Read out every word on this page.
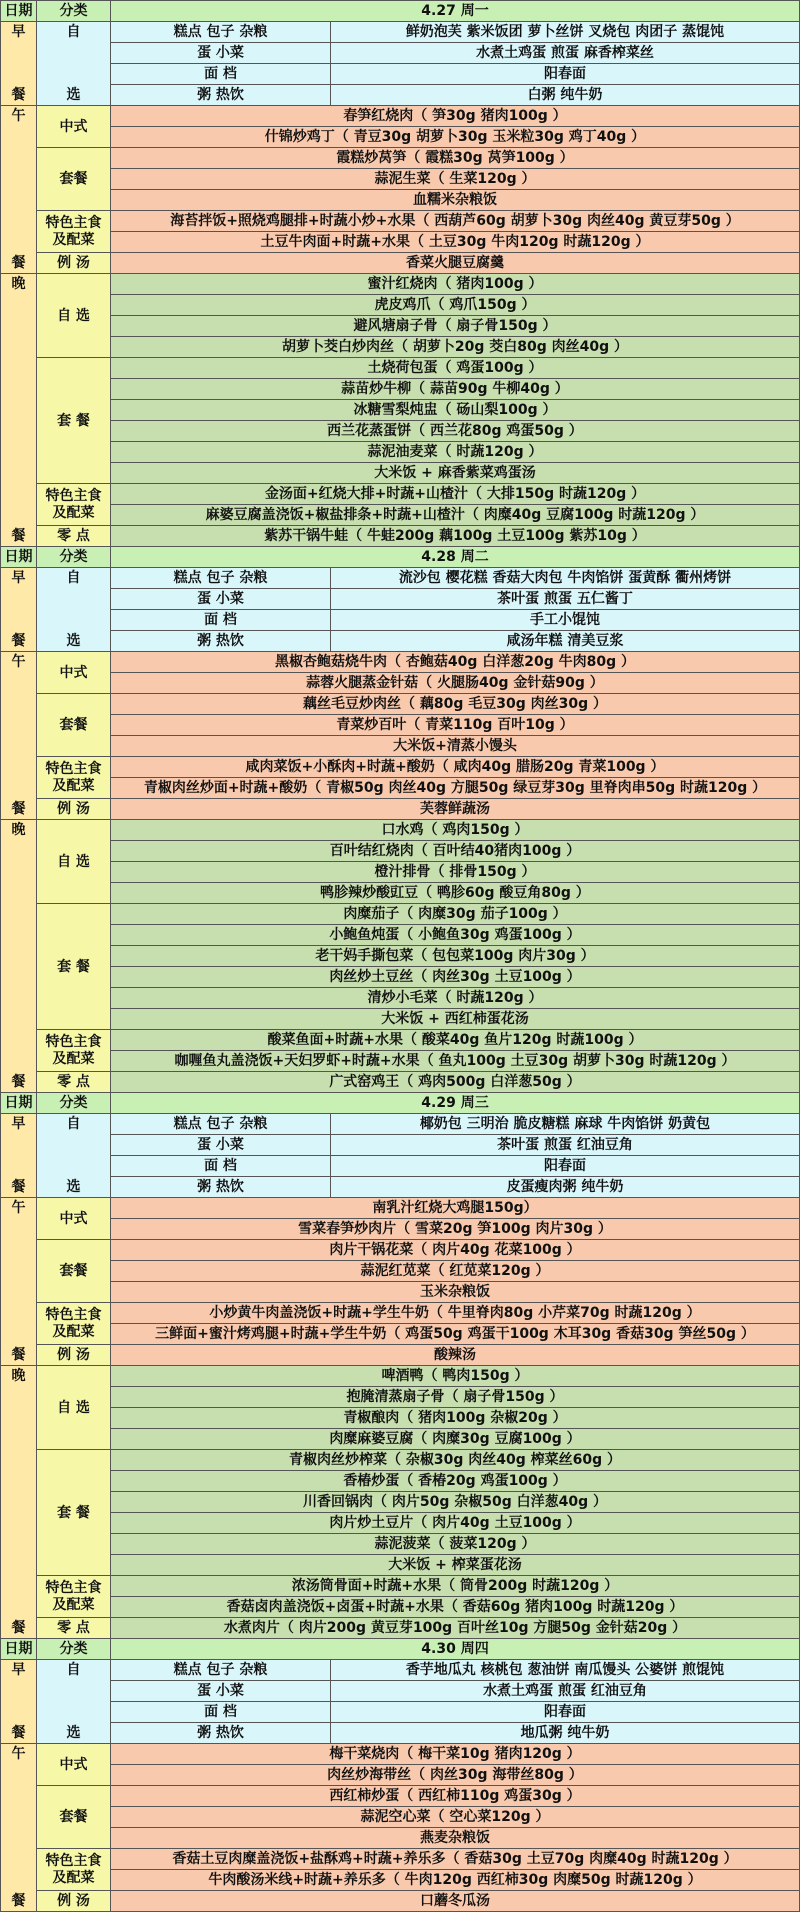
日期	分类	4.27 周一	

早
餐	自
选	糕点 包子 杂粮	鲜奶泡芙 紫米饭团 萝卜丝饼 叉烧包 肉团子 蒸馄饨
		蛋 小菜	水煮土鸡蛋 煎蛋 麻香榨菜丝
		面 档	阳春面
		粥 热饮	白粥 纯牛奶

午
餐	中式	春笋红烧肉（ 笋30g 猪肉100g ）	
		什锦炒鸡丁（ 青豆30g 胡萝卜30g 玉米粒30g 鸡丁40g ）	
	套餐	霞糕炒莴笋（ 霞糕30g 莴笋100g ）	
		蒜泥生菜（ 生菜120g ）	
		血糯米杂粮饭	
	特色主食
及配菜	海苔拌饭+照烧鸡腿排+时蔬小炒+水果（ 西葫芦60g 胡萝卜30g 肉丝40g 黄豆芽50g ）	
		土豆牛肉面+时蔬+水果（ 土豆30g 牛肉120g 时蔬120g ）	
	例 汤	香菜火腿豆腐羹	

晚
餐	自 选	蜜汁红烧肉（ 猪肉100g ）	
		虎皮鸡爪（ 鸡爪150g ）	
		避风塘扇子骨（ 扇子骨150g ）	
		胡萝卜茭白炒肉丝（ 胡萝卜20g 茭白80g 肉丝40g ）	
	套 餐	土烧荷包蛋（ 鸡蛋100g ）	
		蒜苗炒牛柳（ 蒜苗90g 牛柳40g ）	
		冰糖雪梨炖盅（ 砀山梨100g ）	
		西兰花蒸蛋饼（ 西兰花80g 鸡蛋50g ）	
		蒜泥油麦菜（ 时蔬120g ）	
		大米饭 + 麻香紫菜鸡蛋汤	
	特色主食
及配菜	金汤面+红烧大排+时蔬+山楂汁（ 大排150g 时蔬120g ）	
		麻婆豆腐盖浇饭+椒盐排条+时蔬+山楂汁（ 肉糜40g 豆腐100g 时蔬120g ）	
	零 点	紫苏干锅牛蛙（ 牛蛙200g 藕100g 土豆100g 紫苏10g ）	
日期	分类	4.28 周二	

早
餐	自
选	糕点 包子 杂粮	流沙包 樱花糕 香菇大肉包 牛肉馅饼 蛋黄酥 衢州烤饼
		蛋 小菜	茶叶蛋 煎蛋 五仁酱丁
		面 档	手工小馄饨
		粥 热饮	咸汤年糕 清美豆浆

午
餐	中式	黑椒杏鲍菇烧牛肉（ 杏鲍菇40g 白洋葱20g 牛肉80g ）	
		蒜蓉火腿蒸金针菇（ 火腿肠40g 金针菇90g ）	
	套餐	藕丝毛豆炒肉丝（ 藕80g 毛豆30g 肉丝30g ）	
		青菜炒百叶（ 青菜110g 百叶10g ）	
		大米饭+清蒸小馒头	
	特色主食
及配菜	咸肉菜饭+小酥肉+时蔬+酸奶（ 咸肉40g 腊肠20g 青菜100g ）	
		青椒肉丝炒面+时蔬+酸奶（ 青椒50g 肉丝40g 方腿50g 绿豆芽30g 里脊肉串50g 时蔬120g ）	
	例 汤	芙蓉鲜蔬汤	

晚
餐	自 选	口水鸡（ 鸡肉150g ）	
		百叶结红烧肉（ 百叶结40猪肉100g ）	
		橙汁排骨（ 排骨150g ）	
		鸭胗辣炒酸豇豆（ 鸭胗60g 酸豆角80g ）	
	套 餐	肉糜茄子（ 肉糜30g 茄子100g ）	
		小鲍鱼炖蛋（ 小鲍鱼30g 鸡蛋100g ）	
		老干妈手撕包菜（ 包包菜100g 肉片30g ）	
		肉丝炒土豆丝（ 肉丝30g 土豆100g ）	
		清炒小毛菜（ 时蔬120g ）	
		大米饭 + 西红柿蛋花汤	
	特色主食
及配菜	酸菜鱼面+时蔬+水果（ 酸菜40g 鱼片120g 时蔬100g ）	
		咖喱鱼丸盖浇饭+天妇罗虾+时蔬+水果（ 鱼丸100g 土豆30g 胡萝卜30g 时蔬120g ）	
	零 点	广式窑鸡王（ 鸡肉500g 白洋葱50g ）	
日期	分类	4.29 周三	

早
餐	自
选	糕点 包子 杂粮	椰奶包 三明治 脆皮糖糕 麻球 牛肉馅饼 奶黄包
		蛋 小菜	茶叶蛋 煎蛋 红油豆角
		面 档	阳春面
		粥 热饮	皮蛋瘦肉粥 纯牛奶

午
餐	中式	南乳汁红烧大鸡腿150g）	
		雪菜春笋炒肉片（ 雪菜20g 笋100g 肉片30g ）	
	套餐	肉片干锅花菜（ 肉片40g 花菜100g ）	
		蒜泥红苋菜（ 红苋菜120g ）	
		玉米杂粮饭	
	特色主食
及配菜	小炒黄牛肉盖浇饭+时蔬+学生牛奶（ 牛里脊肉80g 小芹菜70g 时蔬120g ）	
		三鲜面+蜜汁烤鸡腿+时蔬+学生牛奶（ 鸡蛋50g 鸡蛋干100g 木耳30g 香菇30g 笋丝50g ）	
	例 汤	酸辣汤	

晚
餐	自 选	啤酒鸭（ 鸭肉150g ）	
		抱腌清蒸扇子骨（ 扇子骨150g ）	
		青椒酿肉（ 猪肉100g 杂椒20g ）	
		肉糜麻婆豆腐（ 肉糜30g 豆腐100g ）	
	套 餐	青椒肉丝炒榨菜（ 杂椒30g 肉丝40g 榨菜丝60g ）	
		香椿炒蛋（ 香椿20g 鸡蛋100g ）	
		川香回锅肉（ 肉片50g 杂椒50g 白洋葱40g ）	
		肉片炒土豆片（ 肉片40g 土豆100g ）	
		蒜泥菠菜（ 菠菜120g ）	
		大米饭 + 榨菜蛋花汤	
	特色主食
及配菜	浓汤筒骨面+时蔬+水果（ 筒骨200g 时蔬120g ）	
		香菇卤肉盖浇饭+卤蛋+时蔬+水果（ 香菇60g 猪肉100g 时蔬120g ）	
	零 点	水煮肉片（ 肉片200g 黄豆芽100g 百叶丝10g 方腿50g 金针菇20g ）	
日期	分类	4.30 周四	

早
餐	自
选	糕点 包子 杂粮	香芋地瓜丸 核桃包 葱油饼 南瓜馒头 公婆饼 煎馄饨
		蛋 小菜	水煮土鸡蛋 煎蛋 红油豆角
		面 档	阳春面
		粥 热饮	地瓜粥 纯牛奶

午
餐	中式	梅干菜烧肉（ 梅干菜10g 猪肉120g ）	
		肉丝炒海带丝（ 肉丝30g 海带丝80g ）	
	套餐	西红柿炒蛋（ 西红柿110g 鸡蛋30g ）	
		蒜泥空心菜（ 空心菜120g ）	
		燕麦杂粮饭	
	特色主食
及配菜	香菇土豆肉糜盖浇饭+盐酥鸡+时蔬+养乐多（ 香菇30g 土豆70g 肉糜40g 时蔬120g ）	
		牛肉酸汤米线+时蔬+养乐多（ 牛肉120g 西红柿30g 肉糜50g 时蔬120g ）	
	例 汤	口蘑冬瓜汤	
